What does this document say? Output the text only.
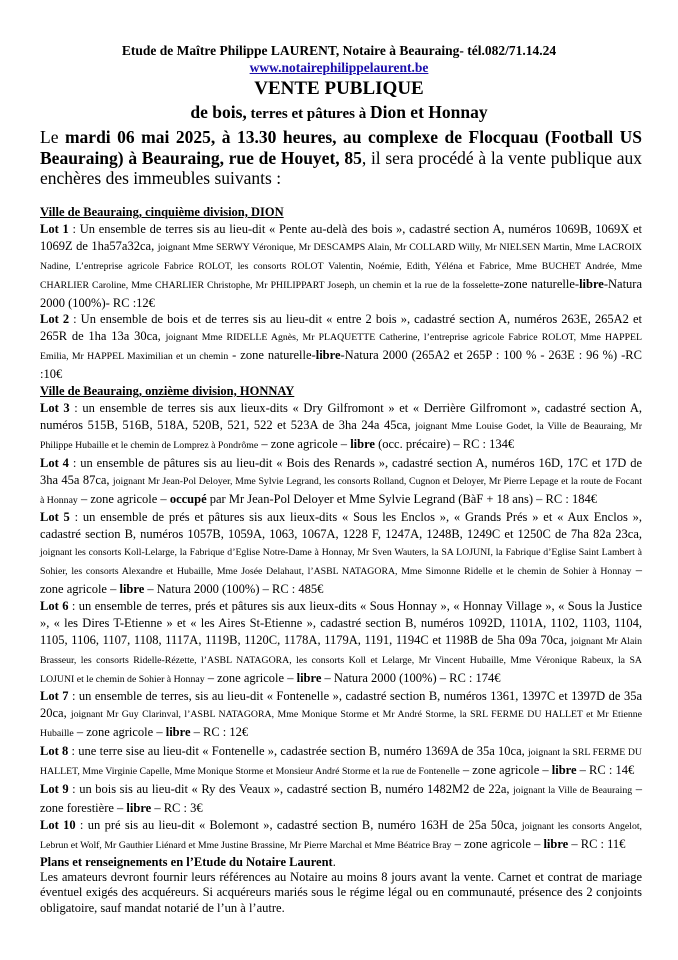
Etude de Maître Philippe LAURENT, Notaire à Beauraing- tél.082/71.14.24
www.notairephilippelaurent.be
VENTE PUBLIQUE
de bois, terres et pâtures à Dion et Honnay
Le mardi 06 mai 2025, à 13.30 heures, au complexe de Flocquau (Football US Beauraing) à Beauraing, rue de Houyet, 85, il sera procédé à la vente publique aux enchères des immeubles suivants :

Ville de Beauraing, cinquième division, DION

Lot 1 : Un ensemble de terres sis au lieu-dit « Pente au-delà des bois », cadastré section A, numéros 1069B, 1069X et 1069Z de 1ha57a32ca, joignant Mme SERWY Véronique, Mr DESCAMPS Alain, Mr COLLARD Willy, Mr NIELSEN Martin, Mme LACROIX Nadine, L’entreprise agricole Fabrice ROLOT, les consorts ROLOT Valentin, Noémie, Edith, Yéléna et Fabrice, Mme BUCHET Andrée, Mme CHARLIER Caroline, Mme CHARLIER Christophe, Mr PHILIPPART Joseph, un chemin et la rue de la fosselette-zone naturelle-libre-Natura 2000 (100%)- RC :12€

Lot 2 : Un ensemble de bois et de terres sis au lieu-dit « entre 2 bois », cadastré section A, numéros 263E, 265A2 et 265R de 1ha 13a 30ca, joignant Mme RIDELLE Agnès, Mr PLAQUETTE Catherine, l’entreprise agricole Fabrice ROLOT, Mme HAPPEL Emilia, Mr HAPPEL Maximilian et un chemin - zone naturelle-libre-Natura 2000 (265A2 et 265P : 100 % - 263E : 96 %) -RC :10€

Ville de Beauraing, onzième division, HONNAY

Lot 3 : un ensemble de terres sis aux lieux-dits « Dry Gilfromont » et « Derrière Gilfromont », cadastré section A, numéros 515B, 516B, 518A, 520B, 521, 522 et 523A de 3ha 24a 45ca, joignant Mme Louise Godet, la Ville de Beauraing, Mr Philippe Hubaille et le chemin de Lomprez à Pondrôme – zone agricole – libre (occ. précaire) – RC : 134€

Lot 4 : un ensemble de pâtures sis au lieu-dit « Bois des Renards », cadastré section A, numéros 16D, 17C et 17D de 3ha 45a 87ca, joignant Mr Jean-Pol Deloyer, Mme Sylvie Legrand, les consorts Rolland, Cugnon et Deloyer, Mr Pierre Lepage et la route de Focant à Honnay – zone agricole – occupé par Mr Jean-Pol Deloyer et Mme Sylvie Legrand (BàF + 18 ans) – RC : 184€

Lot 5 : un ensemble de prés et pâtures sis aux lieux-dits « Sous les Enclos », « Grands Prés » et « Aux Enclos », cadastré section B, numéros 1057B, 1059A, 1063, 1067A, 1228 F, 1247A, 1248B, 1249C et 1250C de 7ha 82a 23ca, joignant les consorts Koll-Lelarge, la Fabrique d’Eglise Notre-Dame à Honnay, Mr Sven Wauters, la SA LOJUNI, la Fabrique d’Eglise Saint Lambert à Sohier, les consorts Alexandre et Hubaille, Mme Josée Delahaut, l’ASBL NATAGORA, Mme Simonne Ridelle et le chemin de Sohier à Honnay – zone agricole – libre – Natura 2000 (100%) – RC : 485€

Lot 6 : un ensemble de terres, prés et pâtures sis aux lieux-dits « Sous Honnay », « Honnay Village », « Sous la Justice », « les Dires T-Etienne » et « les Aires St-Etienne », cadastré section B, numéros 1092D, 1101A, 1102, 1103, 1104, 1105, 1106, 1107, 1108, 1117A, 1119B, 1120C, 1178A, 1179A, 1191, 1194C et 1198B de 5ha 09a 70ca, joignant Mr Alain Brasseur, les consorts Ridelle-Rézette, l’ASBL NATAGORA, les consorts Koll et Lelarge, Mr Vincent Hubaille, Mme Véronique Rabeux, la SA LOJUNI et le chemin de Sohier à Honnay – zone agricole – libre – Natura 2000 (100%) – RC : 174€

Lot 7 : un ensemble de terres, sis au lieu-dit « Fontenelle », cadastré section B, numéros 1361, 1397C et 1397D de 35a 20ca, joignant Mr Guy Clarinval, l’ASBL NATAGORA, Mme Monique Storme et Mr André Storme, la SRL FERME DU HALLET et Mr Etienne Hubaille – zone agricole – libre – RC : 12€

Lot 8 : une terre sise au lieu-dit « Fontenelle », cadastrée section B, numéro 1369A de 35a 10ca, joignant la SRL FERME DU HALLET, Mme Virginie Capelle, Mme Monique Storme et Monsieur André Storme et la rue de Fontenelle – zone agricole – libre – RC : 14€

Lot 9 : un bois sis au lieu-dit « Ry des Veaux », cadastré section B, numéro 1482M2 de 22a, joignant la Ville de Beauraing – zone forestière – libre – RC : 3€

Lot 10 : un pré sis au lieu-dit « Bolemont », cadastré section B, numéro 163H de 25a 50ca, joignant les consorts Angelot, Lebrun et Wolf, Mr Gauthier Liénard et Mme Justine Brassine, Mr Pierre Marchal et Mme Béatrice Bray – zone agricole – libre – RC : 11€

Plans et renseignements en l’Etude du Notaire Laurent.

Les amateurs devront fournir leurs références au Notaire au moins 8 jours avant la vente. Carnet et contrat de mariage éventuel exigés des acquéreurs. Si acquéreurs mariés sous le régime légal ou en communauté, présence des 2 conjoints obligatoire, sauf mandat notarié de l’un à l’autre.
